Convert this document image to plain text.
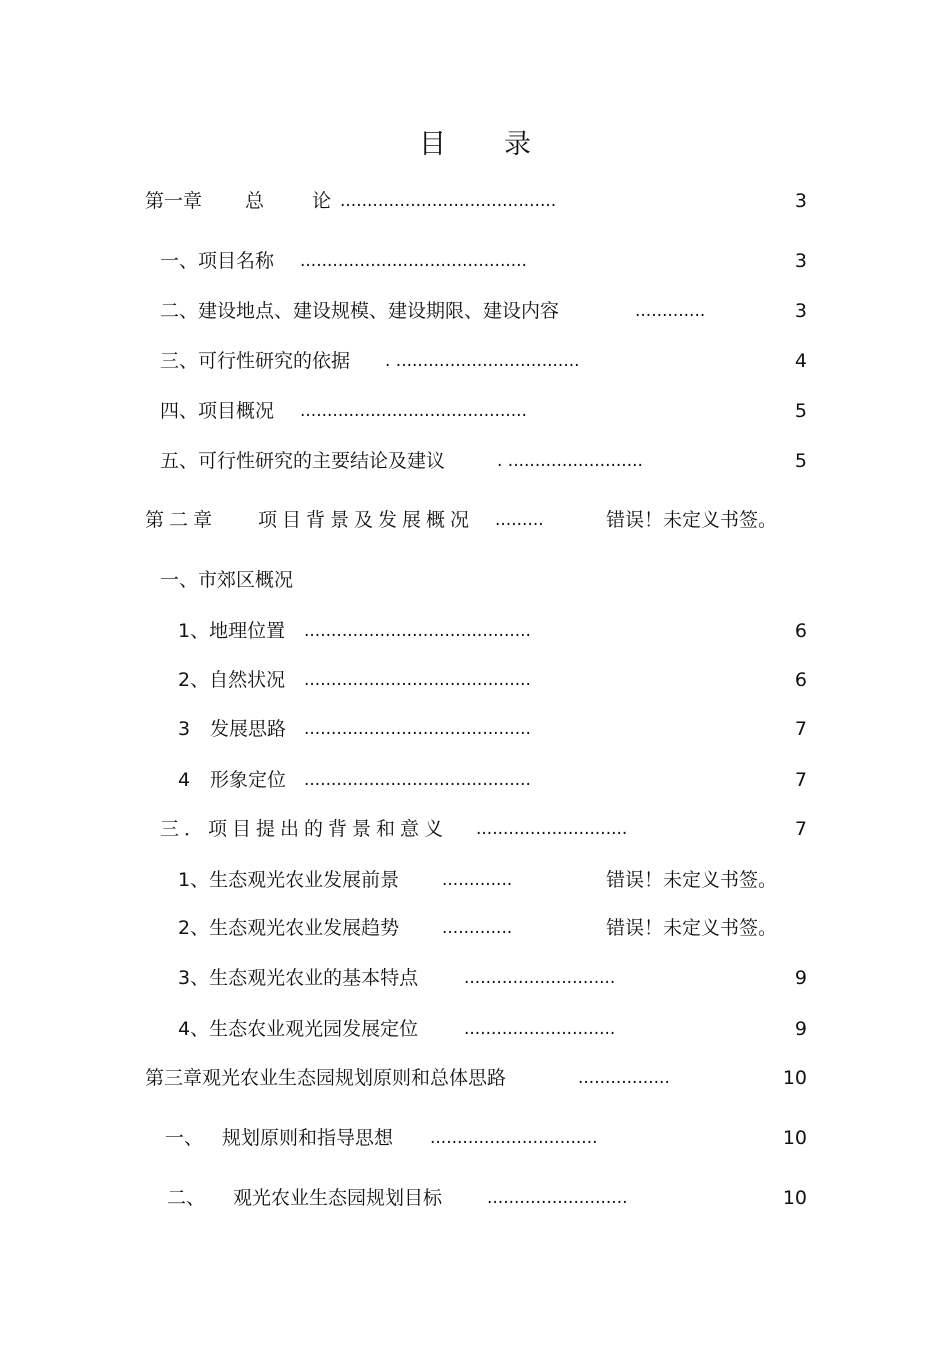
目 录
第一章 总	论 ........................................	3
一、项目名称 ..........................................	3
二、建设地点、建设规模、建设期限、建设内容	.............	3
三、可行性研究的依据 . ..................................	4
四、项目概况 ..........................................	5
五、可行性研究的主要结论及建议	. .........................	5
第二章 项目背景及发展概况 .........	错误！未定义书签。
一、市郊区概况
1、地理位置 ..........................................	6
2、自然状况 ..........................................	6
3 发展思路 ..........................................	7
4 形象定位 ..........................................	7
三．项目提出的背景和意义 ............................	7
1、生态观光农业发展前景	.............	错误！未定义书签。
2、生态观光农业发展趋势	.............	错误！未定义书签。
3、生态观光农业的基本特点	............................	9
4、生态农业观光园发展定位	............................	9
第三章观光农业生态园规划原则和总体思路	.................	10
一、 规划原则和指导思想 ...............................	10
二、 观光农业生态园规划目标	..........................	10
